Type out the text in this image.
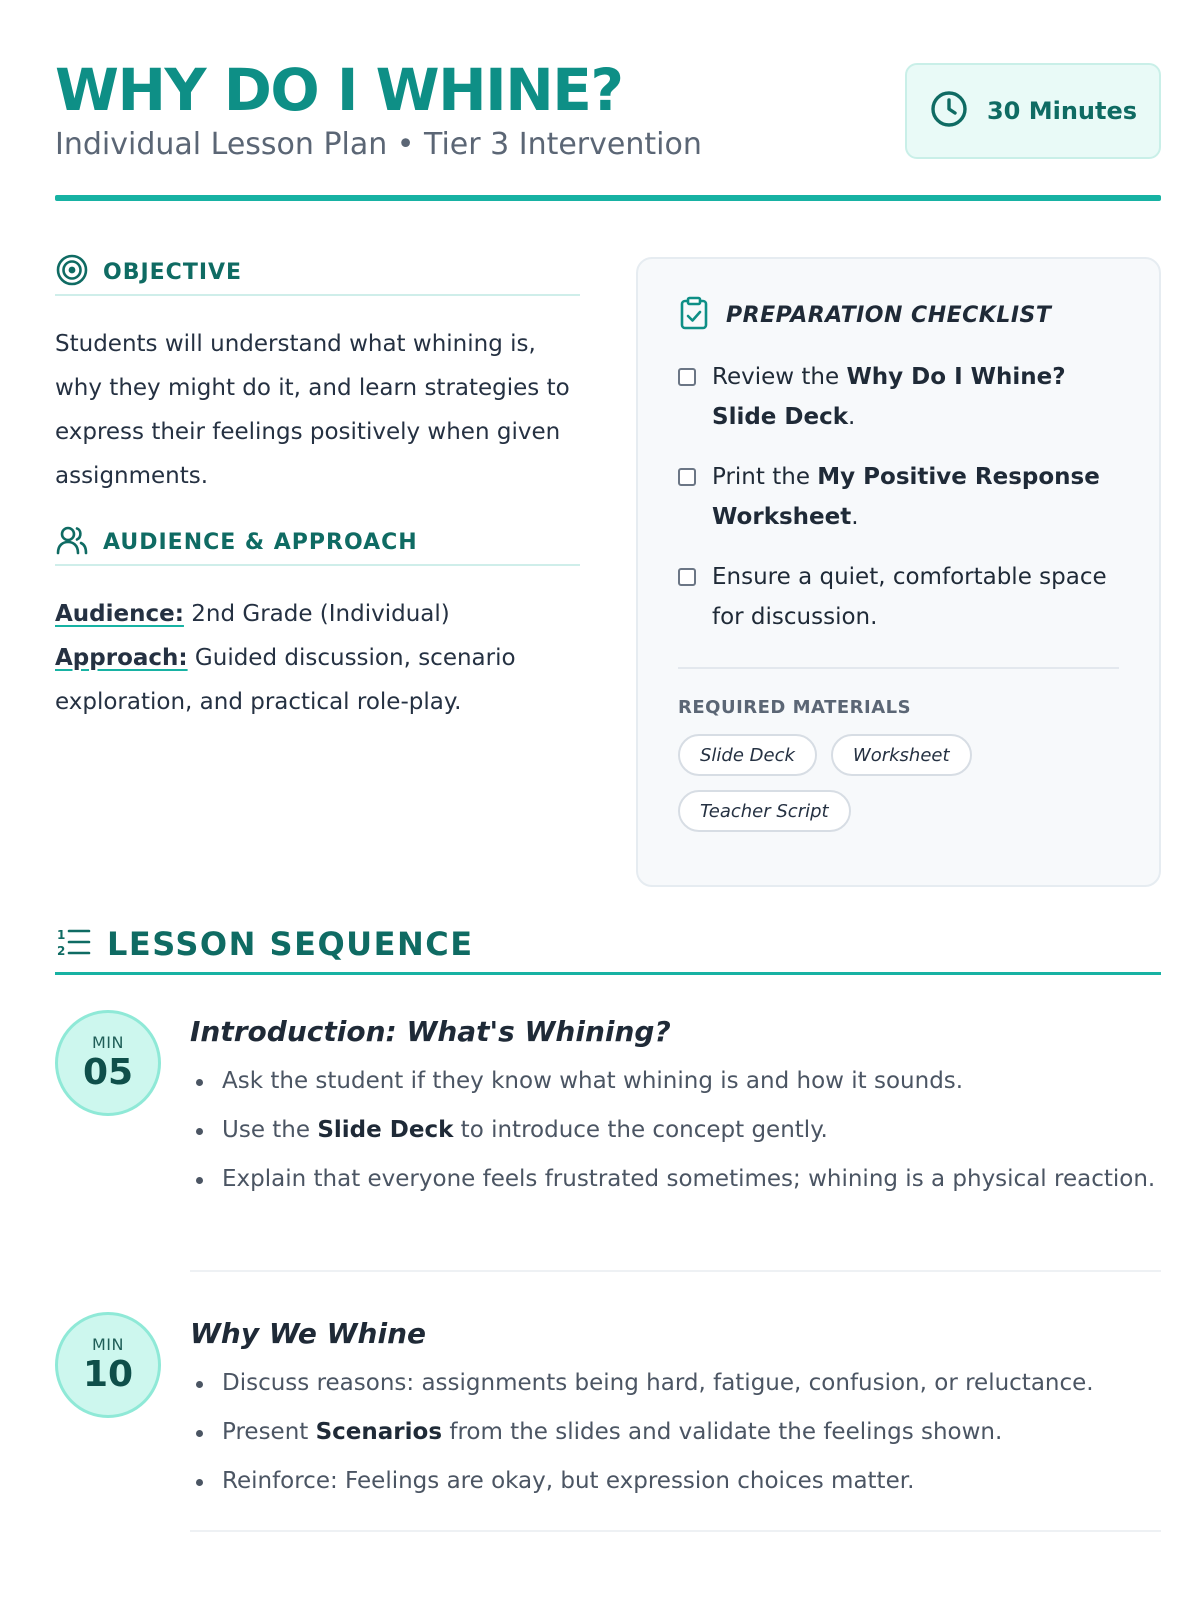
WHY DO I WHINE?
Individual Lesson Plan • Tier 3 Intervention
30 Minutes
OBJECTIVE

Students will understand what whining is, why they might do it, and learn strategies to express their feelings positively when given assignments.

AUDIENCE & APPROACH
Audience: 2nd Grade (Individual)
Approach: Guided discussion, scenario exploration, and practical role-play.
PREPARATION CHECKLIST
Review the Why Do I Whine? Slide Deck.
Print the My Positive Response Worksheet.
Ensure a quiet, comfortable space for discussion.
REQUIRED MATERIALS
Slide Deck	Worksheet
Teacher Script
1
2 LESSON SEQUENCE
MIN
05
Introduction: What's Whining?
Ask the student if they know what whining is and how it sounds.
Use the Slide Deck to introduce the concept gently.
Explain that everyone feels frustrated sometimes; whining is a physical reaction.
MIN
10
Why We Whine
Discuss reasons: assignments being hard, fatigue, confusion, or reluctance.
Present Scenarios from the slides and validate the feelings shown.
Reinforce: Feelings are okay, but expression choices matter.
